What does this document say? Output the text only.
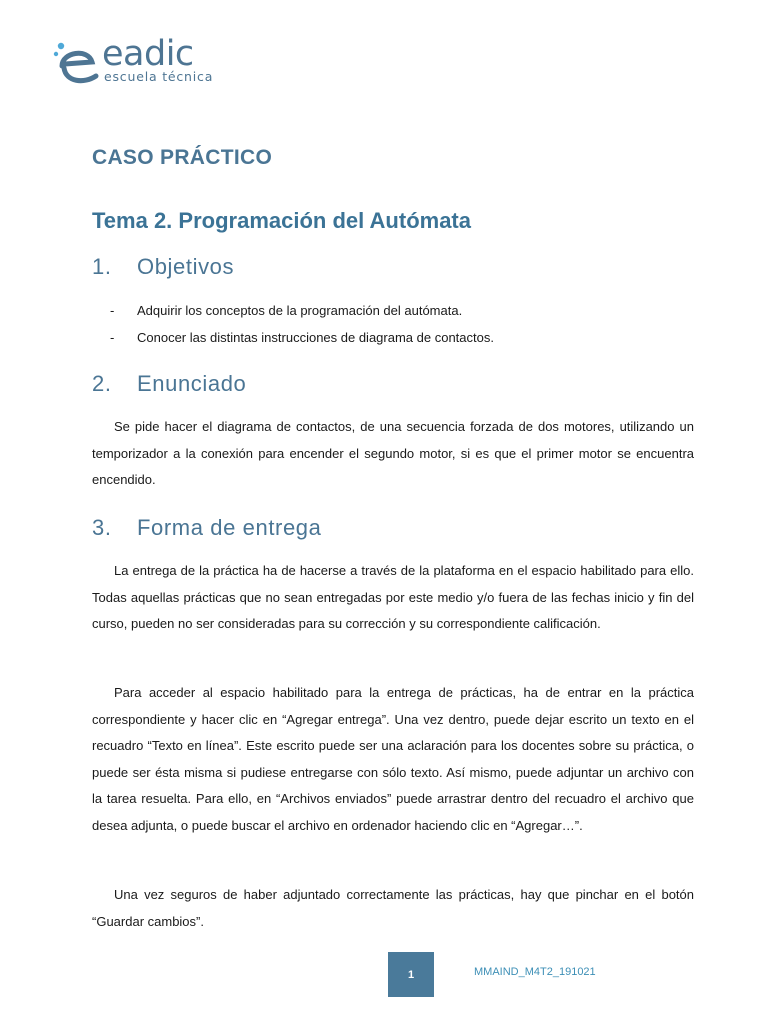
eadic
escuela técnica
CASO PRÁCTICO
Tema 2. Programación del Autómata
1. Objetivos
- Adquirir los conceptos de la programación del autómata.
- Conocer las distintas instrucciones de diagrama de contactos.
2. Enunciado

Se pide hacer el diagrama de contactos, de una secuencia forzada de dos motores, utilizando un temporizador a la conexión para encender el segundo motor, si es que el primer motor se encuentra encendido.

3. Forma de entrega

La entrega de la práctica ha de hacerse a través de la plataforma en el espacio habilitado para ello. Todas aquellas prácticas que no sean entregadas por este medio y/o fuera de las fechas inicio y fin del curso, pueden no ser consideradas para su corrección y su correspondiente calificación.

Para acceder al espacio habilitado para la entrega de prácticas, ha de entrar en la práctica correspondiente y hacer clic en “Agregar entrega”. Una vez dentro, puede dejar escrito un texto en el recuadro “Texto en línea”. Este escrito puede ser una aclaración para los docentes sobre su práctica, o puede ser ésta misma si pudiese entregarse con sólo texto. Así mismo, puede adjuntar un archivo con la tarea resuelta. Para ello, en “Archivos enviados” puede arrastrar dentro del recuadro el archivo que desea adjunta, o puede buscar el archivo en ordenador haciendo clic en “Agregar…”.

Una vez seguros de haber adjuntado correctamente las prácticas, hay que pinchar en el botón “Guardar cambios”.

1	MMAIND_M4T2_191021
